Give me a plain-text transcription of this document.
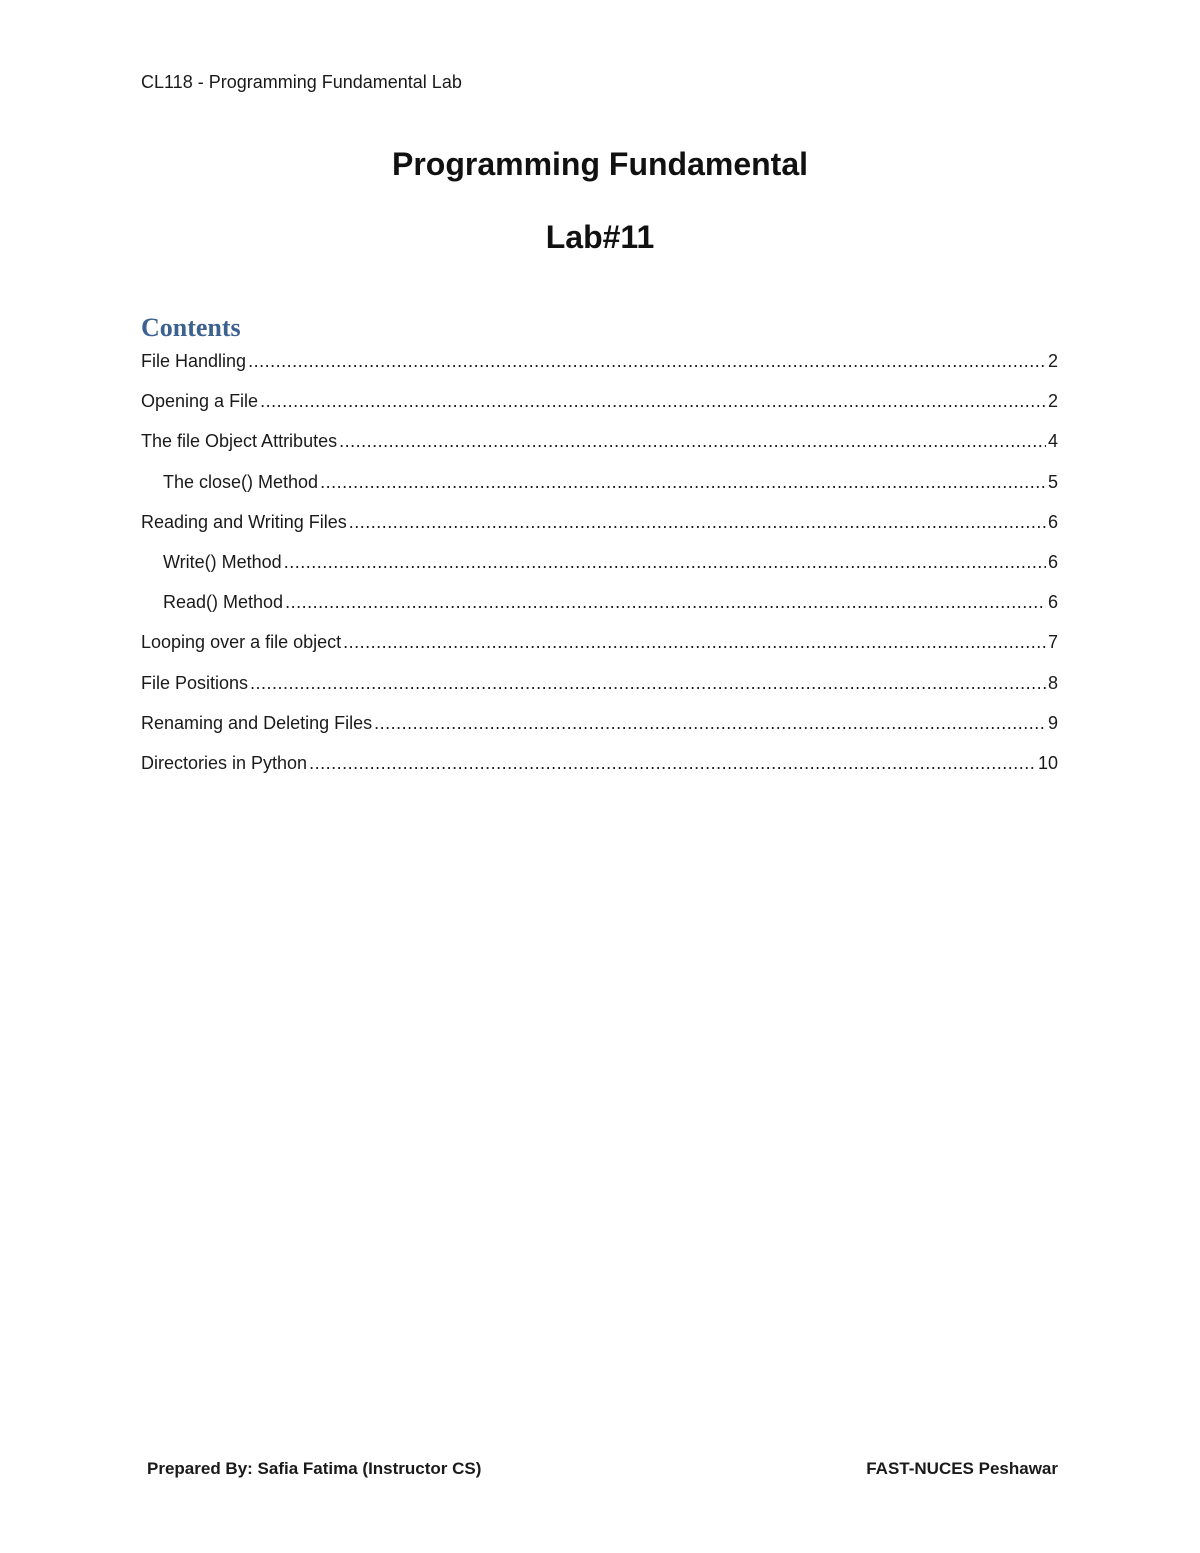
CL118 - Programming Fundamental Lab
Programming Fundamental
Lab#11
Contents
File Handling .....	2
Opening a File .....	2
The file Object Attributes .....	4
The close() Method .....	5
Reading and Writing Files .....	6
Write() Method .....	6
Read() Method .....	6
Looping over a file object .....	7
File Positions .....	8
Renaming and Deleting Files .....	9
Directories in Python .....	10
Prepared By: Safia Fatima (Instructor CS)	FAST-NUCES Peshawar
